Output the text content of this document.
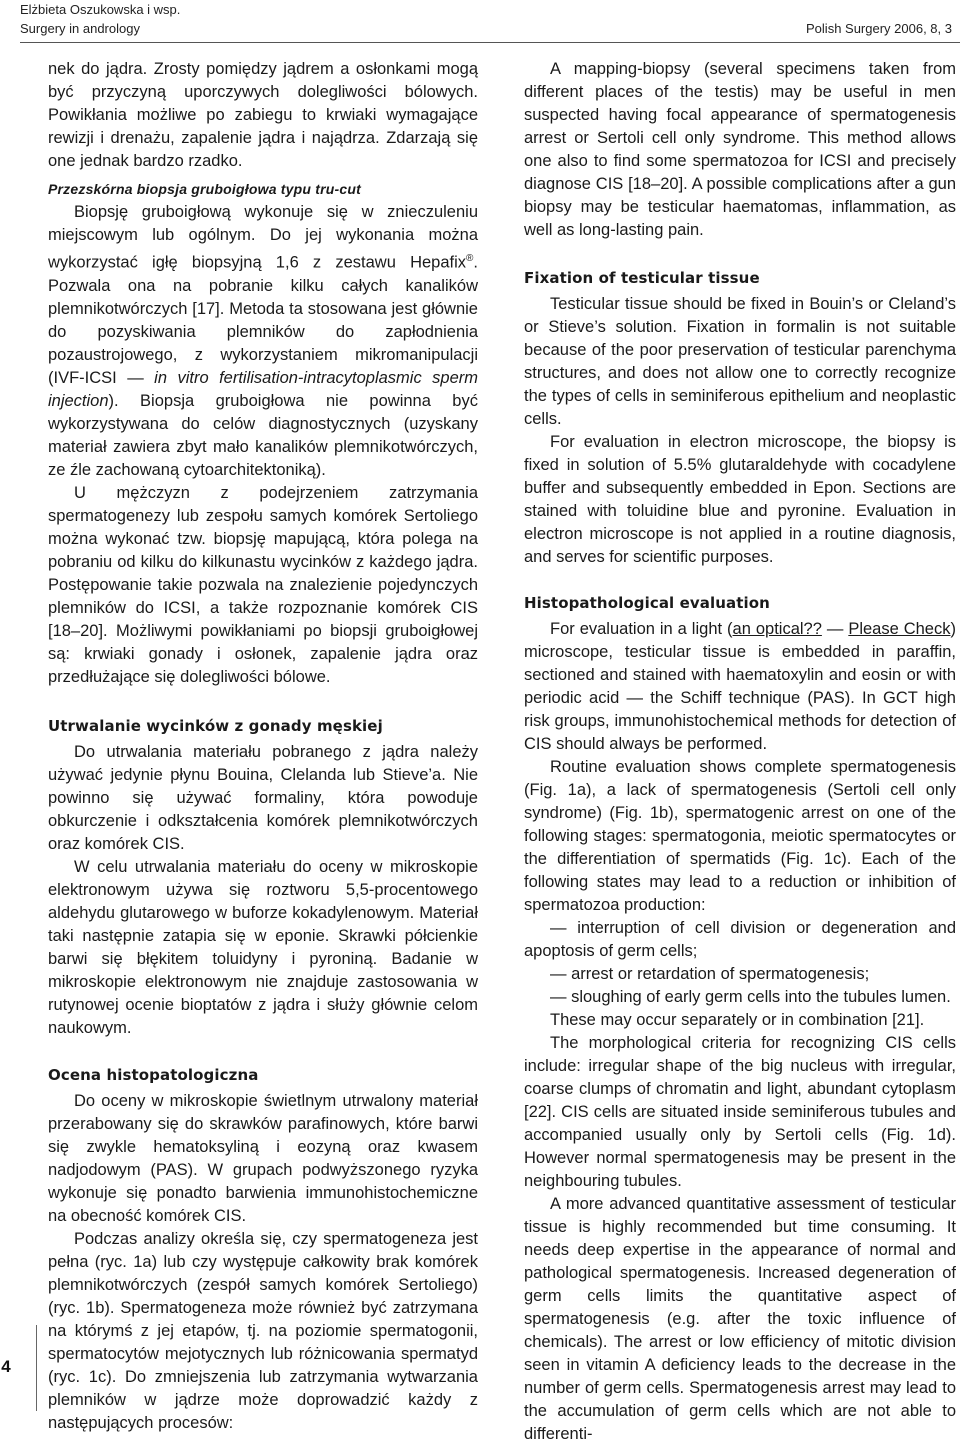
Elżbieta Oszukowska i wsp.
Surgery in andrology	Polish Surgery 2006, 8, 3
4

nek do jądra. Zrosty pomiędzy jądrem a osłonkami mogą być przyczyną uporczywych dolegliwości bólowych. Powikłania możliwe po zabiegu to krwiaki wymagające rewizji i drenażu, zapalenie jądra i najądrza. Zdarzają się one jednak bardzo rzadko.

Przezskórna biopsja gruboigłowa typu tru-cut

Biopsję gruboigłową wykonuje się w znieczuleniu miejscowym lub ogólnym. Do jej wykonania można wykorzystać igłę biopsyjną 1,6 z zestawu Hepafix®. Pozwala ona na pobranie kilku całych kanalików plemnikotwórczych [17]. Metoda ta stosowana jest głównie do pozyskiwania plemników do zapłodnienia pozaustrojowego, z wykorzystaniem mikromanipulacji (IVF-ICSI — in vitro fertilisation-intracytoplasmic sperm injection). Biopsja gruboigłowa nie powinna być wykorzystywana do celów diagnostycznych (uzyskany materiał zawiera zbyt mało kanalików plemnikotwórczych, ze źle zachowaną cytoarchitektoniką).

U mężczyzn z podejrzeniem zatrzymania spermatogenezy lub zespołu samych komórek Sertoliego można wykonać tzw. biopsję mapującą, która polega na pobraniu od kilku do kilkunastu wycinków z każdego jądra. Postępowanie takie pozwala na znalezienie pojedynczych plemników do ICSI, a także rozpoznanie komórek CIS [18–20]. Możliwymi powikłaniami po biopsji gruboigłowej są: krwiaki gonady i osłonek, zapalenie jądra oraz przedłużające się dolegliwości bólowe.

Utrwalanie wycinków z gonady męskiej

Do utrwalania materiału pobranego z jądra należy używać jedynie płynu Bouina, Clelanda lub Stieve’a. Nie powinno się używać formaliny, która powoduje obkurczenie i odkształcenia komórek plemnikotwórczych oraz komórek CIS.

W celu utrwalania materiału do oceny w mikroskopie elektronowym używa się roztworu 5,5-procentowego aldehydu glutarowego w buforze kokadylenowym. Materiał taki następnie zatapia się w eponie. Skrawki półcienkie barwi się błękitem toluidyny i pyroniną. Badanie w mikroskopie elektronowym nie znajduje zastosowania w rutynowej ocenie bioptatów z jądra i służy głównie celom naukowym.

Ocena histopatologiczna

Do oceny w mikroskopie świetlnym utrwalony materiał przerabowany się do skrawków parafinowych, które barwi się zwykle hematoksyliną i eozyną oraz kwasem nadjodowym (PAS). W grupach podwyższonego ryzyka wykonuje się ponadto barwienia immunohistochemiczne na obecność komórek CIS.

Podczas analizy określa się, czy spermatogeneza jest pełna (ryc. 1a) lub czy występuje całkowity brak komórek plemnikotwórczych (zespół samych komórek Sertoliego) (ryc. 1b). Spermatogeneza może również być zatrzymana na którymś z jej etapów, tj. na poziomie spermatogonii, spermatocytów mejotycznych lub różnicowania spermatyd (ryc. 1c). Do zmniejszenia lub zatrzymania wytwarzania plemników w jądrze może doprowadzić każdy z następujących procesów:

A mapping-biopsy (several specimens taken from different places of the testis) may be useful in men suspected having focal appearance of spermatogenesis arrest or Sertoli cell only syndrome. This method allows one also to find some spermatozoa for ICSI and precisely diagnose CIS [18–20]. A possible complications after a gun biopsy may be testicular haematomas, inflammation, as well as long-lasting pain.

Fixation of testicular tissue

Testicular tissue should be fixed in Bouin’s or Cleland’s or Stieve’s solution. Fixation in formalin is not suitable because of the poor preservation of testicular parenchyma structures, and does not allow one to correctly recognize the types of cells in seminiferous epithelium and neoplastic cells.

For evaluation in electron microscope, the biopsy is fixed in solution of 5.5% glutaraldehyde with cocadylene buffer and subsequently embedded in Epon. Sections are stained with toluidine blue and pyronine. Evaluation in electron microscope is not applied in a routine diagnosis, and serves for scientific purposes.

Histopathological evaluation

For evaluation in a light (an optical?? — Please Check) microscope, testicular tissue is embedded in paraffin, sectioned and stained with haematoxylin and eosin or with periodic acid — the Schiff technique (PAS). In GCT high risk groups, immunohistochemical methods for detection of CIS should always be performed.

Routine evaluation shows complete spermatogenesis (Fig. 1a), a lack of spermatogenesis (Sertoli cell only syndrome) (Fig. 1b), spermatogenic arrest on one of the following stages: spermatogonia, meiotic spermatocytes or the differentiation of spermatids (Fig. 1c). Each of the following states may lead to a reduction or inhibition of spermatozoa production:

— interruption of cell division or degeneration and apoptosis of germ cells;

— arrest or retardation of spermatogenesis;

— sloughing of early germ cells into the tubules lumen.

These may occur separately or in combination [21].

The morphological criteria for recognizing CIS cells include: irregular shape of the big nucleus with irregular, coarse clumps of chromatin and light, abundant cytoplasm [22]. CIS cells are situated inside seminiferous tubules and accompanied usually only by Sertoli cells (Fig. 1d). However normal spermatogenesis may be present in the neighbouring tubules.

A more advanced quantitative assessment of testicular tissue is highly recommended but time consuming. It needs deep expertise in the appearance of normal and pathological spermatogenesis. Increased degeneration of germ cells limits the quantitative aspect of spermatogenesis (e.g. after the toxic influence of chemicals). The arrest or low efficiency of mitotic division seen in vitamin A deficiency leads to the decrease in the number of germ cells. Spermatogenesis arrest may lead to the accumulation of germ cells which are not able to differenti-
